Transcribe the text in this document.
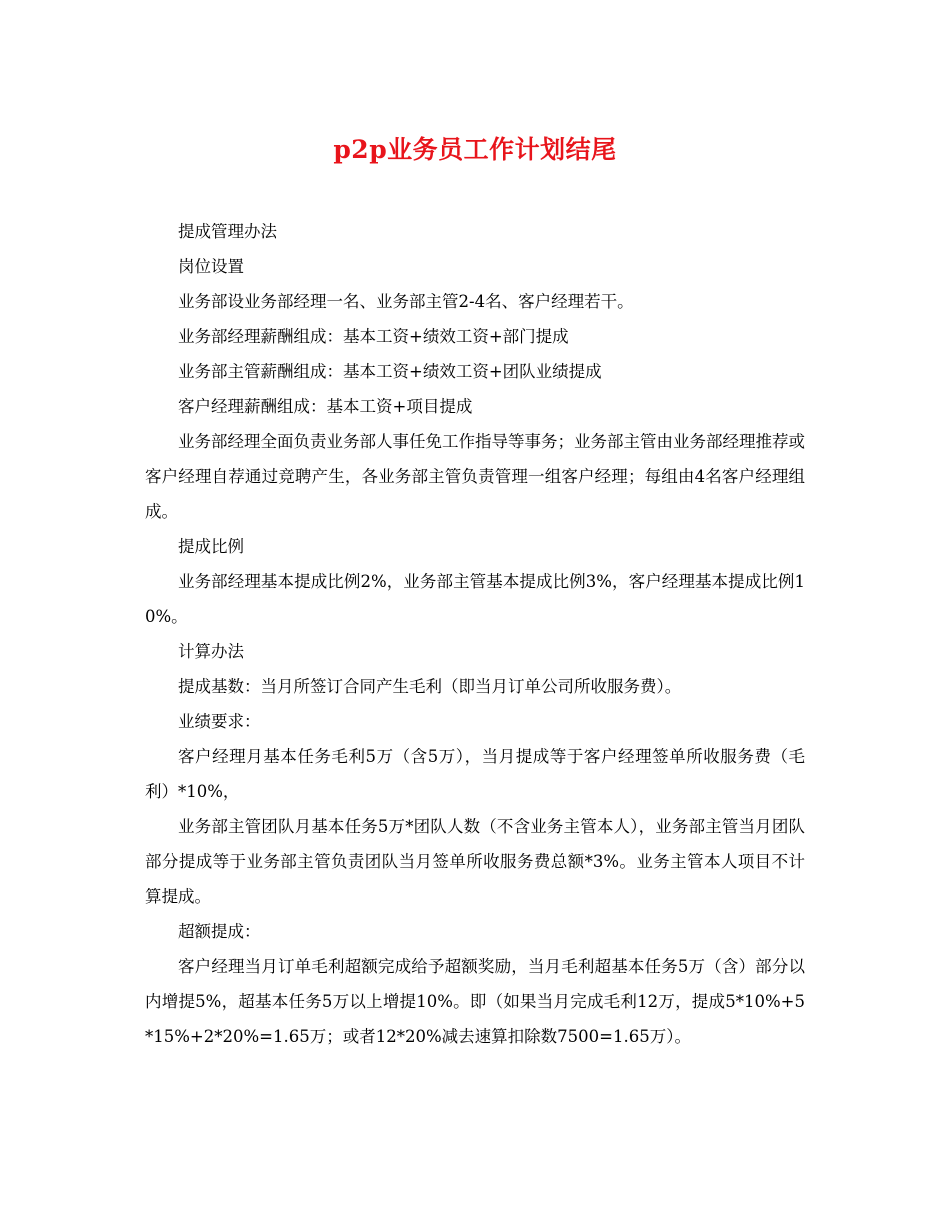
p2p业务员工作计划结尾

提成管理办法

岗位设置

业务部设业务部经理一名、业务部主管2-4名、客户经理若干。

业务部经理薪酬组成：基本工资+绩效工资+部门提成

业务部主管薪酬组成：基本工资+绩效工资+团队业绩提成

客户经理薪酬组成：基本工资+项目提成

业务部经理全面负责业务部人事任免工作指导等事务；业务部主管由业务部经理推荐或客户经理自荐通过竞聘产生，各业务部主管负责管理一组客户经理；每组由4名客户经理组成。

提成比例

业务部经理基本提成比例2%，业务部主管基本提成比例3%，客户经理基本提成比例10%。

计算办法

提成基数：当月所签订合同产生毛利（即当月订单公司所收服务费）。

业绩要求：

客户经理月基本任务毛利5万（含5万），当月提成等于客户经理签单所收服务费（毛利）*10%，

业务部主管团队月基本任务5万*团队人数（不含业务主管本人），业务部主管当月团队部分提成等于业务部主管负责团队当月签单所收服务费总额*3%。业务主管本人项目不计算提成。

超额提成：

客户经理当月订单毛利超额完成给予超额奖励，当月毛利超基本任务5万（含）部分以内增提5%，超基本任务5万以上增提10%。即（如果当月完成毛利12万，提成5*10%+5*15%+2*20%=1.65万；或者12*20%减去速算扣除数7500=1.65万）。
